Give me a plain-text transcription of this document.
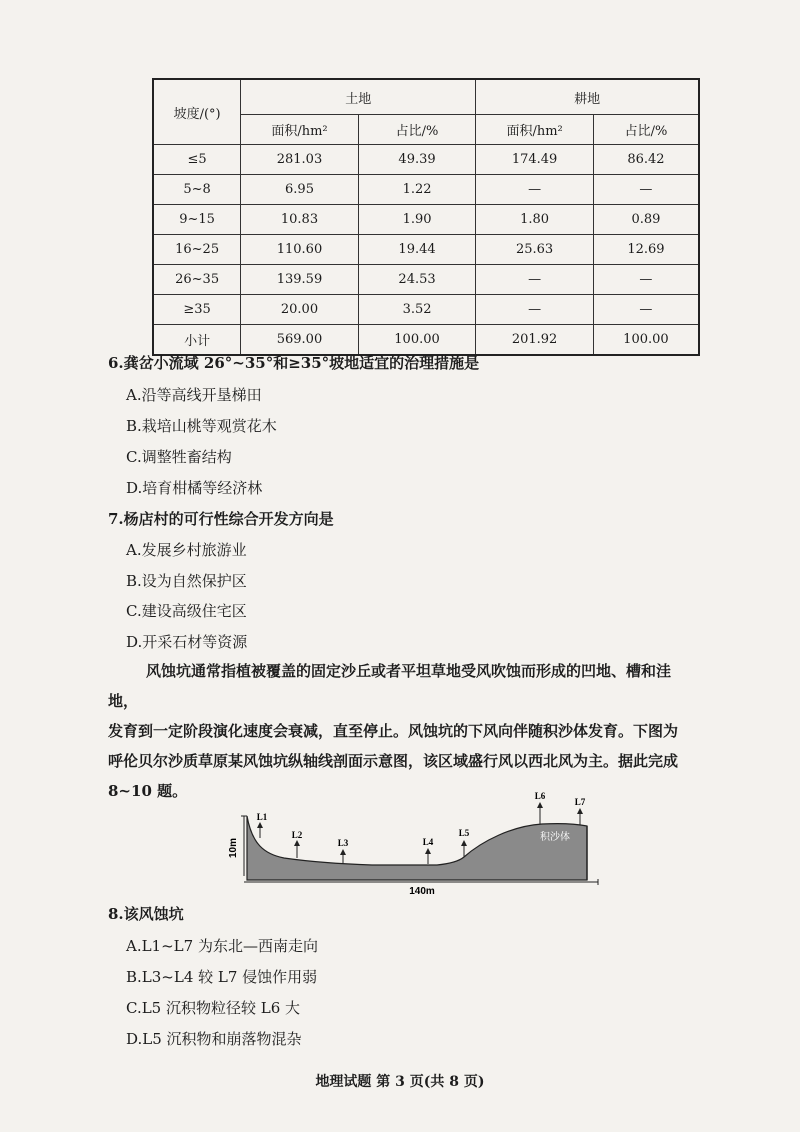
坡度/(°)	土地		耕地	
	面积/hm²	占比/%	面积/hm²	占比/%
≤5	281.03	49.39	174.49	86.42
5~8	6.95	1.22	—	—
9~15	10.83	1.90	1.80	0.89
16~25	110.60	19.44	25.63	12.69
26~35	139.59	24.53	—	—
≥35	20.00	3.52	—	—
小计	569.00	100.00	201.92	100.00
6.龚岔小流域 26°~35°和≥35°坡地适宜的治理措施是
A.沿等高线开垦梯田
B.栽培山桃等观赏花木
C.调整牲畜结构
D.培育柑橘等经济林
7.杨店村的可行性综合开发方向是
A.发展乡村旅游业
B.设为自然保护区
C.建设高级住宅区
D.开采石材等资源
风蚀坑通常指植被覆盖的固定沙丘或者平坦草地受风吹蚀而形成的凹地、槽和洼地，
发育到一定阶段演化速度会衰减，直至停止。风蚀坑的下风向伴随积沙体发育。下图为
呼伦贝尔沙质草原某风蚀坑纵轴线剖面示意图，该区域盛行风以西北风为主。据此完成
8~10 题。
10m
140m
积沙体
L1
L2
L3	L4
L5
L6
L7
8.该风蚀坑
A.L1~L7 为东北—西南走向
B.L3~L4 较 L7 侵蚀作用弱
C.L5 沉积物粒径较 L6 大
D.L5 沉积物和崩落物混杂
地理试题 第 3 页(共 8 页)
